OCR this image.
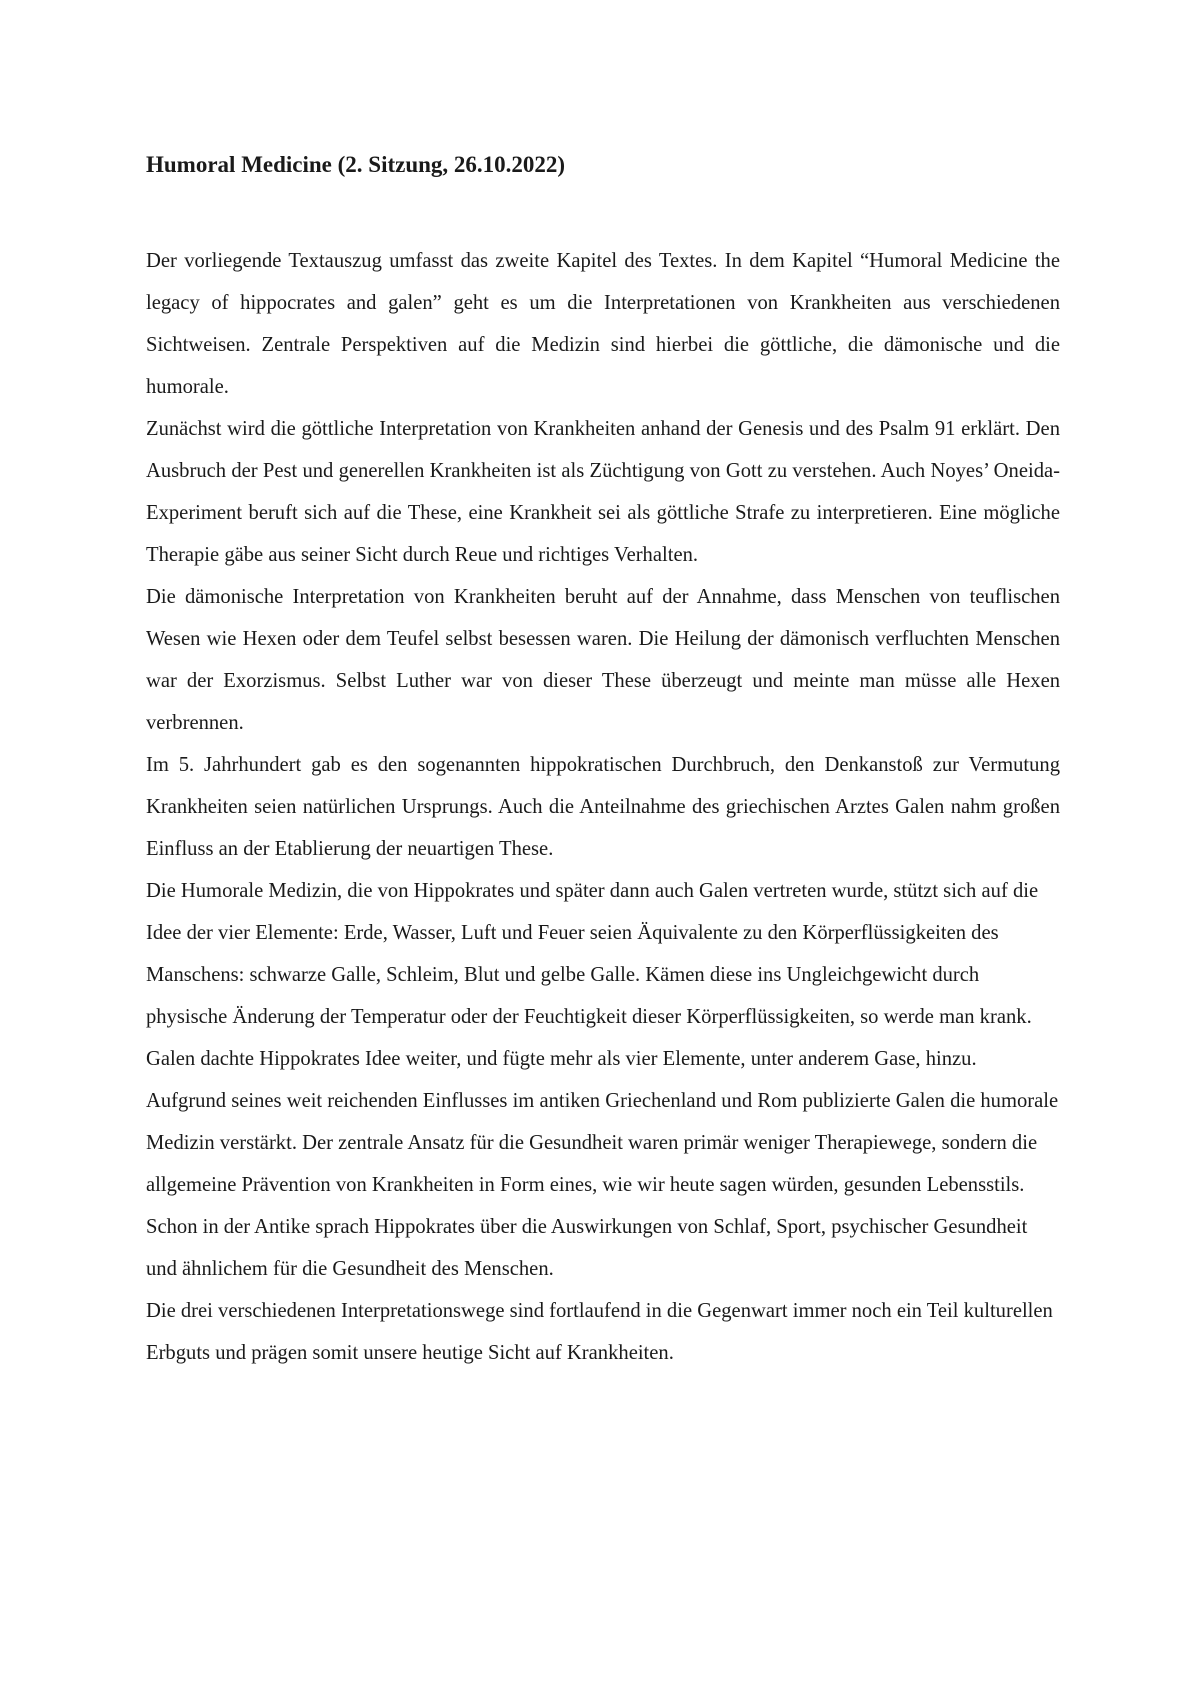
Humoral Medicine (2. Sitzung, 26.10.2022)

Der vorliegende Textauszug umfasst das zweite Kapitel des Textes. In dem Kapitel “Humoral Medicine the legacy of hippocrates and galen” geht es um die Interpretationen von Krankheiten aus verschiedenen Sichtweisen. Zentrale Perspektiven auf die Medizin sind hierbei die göttliche, die dämonische und die humorale.

Zunächst wird die göttliche Interpretation von Krankheiten anhand der Genesis und des Psalm 91 erklärt. Den Ausbruch der Pest und generellen Krankheiten ist als Züchtigung von Gott zu verstehen. Auch Noyes’ Oneida-Experiment beruft sich auf die These, eine Krankheit sei als göttliche Strafe zu interpretieren. Eine mögliche Therapie gäbe aus seiner Sicht durch Reue und richtiges Verhalten.

Die dämonische Interpretation von Krankheiten beruht auf der Annahme, dass Menschen von teuflischen Wesen wie Hexen oder dem Teufel selbst besessen waren. Die Heilung der dämonisch verfluchten Menschen war der Exorzismus. Selbst Luther war von dieser These überzeugt und meinte man müsse alle Hexen verbrennen.

Im 5. Jahrhundert gab es den sogenannten hippokratischen Durchbruch, den Denkanstoß zur Vermutung Krankheiten seien natürlichen Ursprungs. Auch die Anteilnahme des griechischen Arztes Galen nahm großen Einfluss an der Etablierung der neuartigen These.

Die Humorale Medizin, die von Hippokrates und später dann auch Galen vertreten wurde, stützt sich auf die Idee der vier Elemente: Erde, Wasser, Luft und Feuer seien Äquivalente zu den Körperflüssigkeiten des Manschens: schwarze Galle, Schleim, Blut und gelbe Galle. Kämen diese ins Ungleichgewicht durch physische Änderung der Temperatur oder der Feuchtigkeit dieser Körperflüssigkeiten, so werde man krank. Galen dachte Hippokrates Idee weiter, und fügte mehr als vier Elemente, unter anderem Gase, hinzu. Aufgrund seines weit reichenden Einflusses im antiken Griechenland und Rom publizierte Galen die humorale Medizin verstärkt. Der zentrale Ansatz für die Gesundheit waren primär weniger Therapiewege, sondern die allgemeine Prävention von Krankheiten in Form eines, wie wir heute sagen würden, gesunden Lebensstils. Schon in der Antike sprach Hippokrates über die Auswirkungen von Schlaf, Sport, psychischer Gesundheit und ähnlichem für die Gesundheit des Menschen.

Die drei verschiedenen Interpretationswege sind fortlaufend in die Gegenwart immer noch ein Teil kulturellen Erbguts und prägen somit unsere heutige Sicht auf Krankheiten.
